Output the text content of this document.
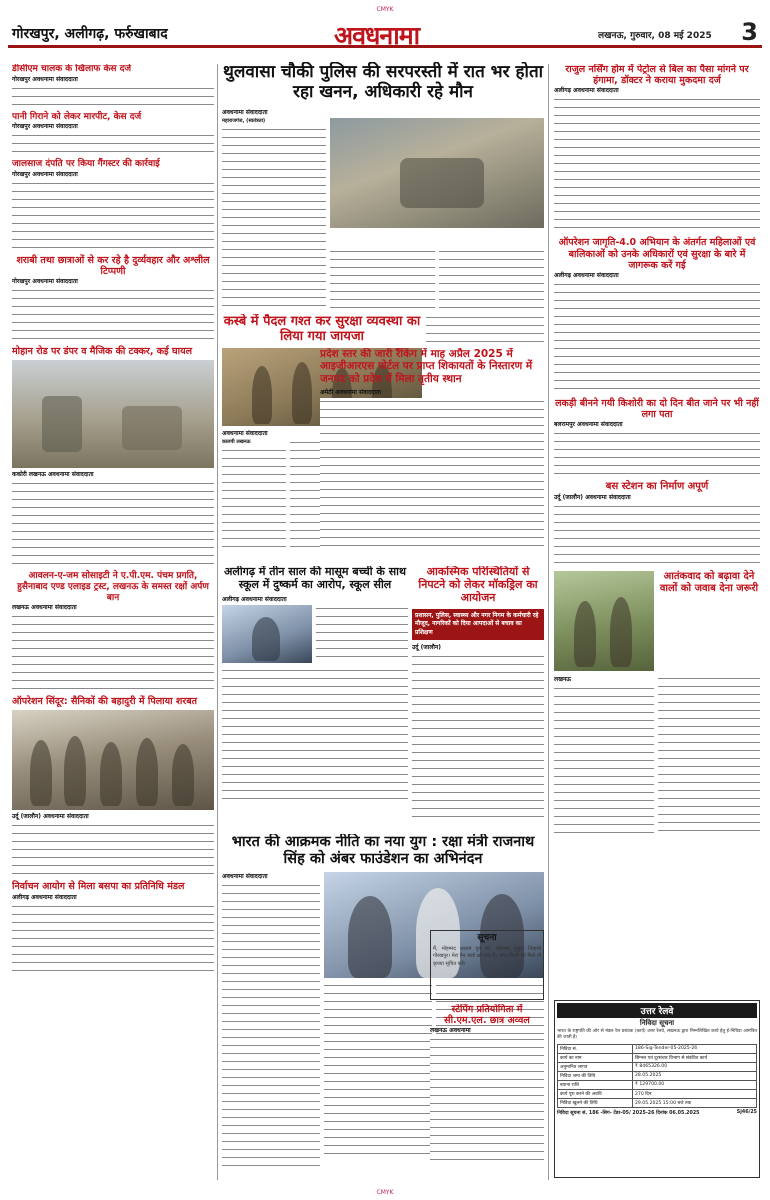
CMYK
गोरखपुर, अलीगढ़, फर्रुखाबाद	अवधनामा	लखनऊ, गुरुवार, 08 मई 2025 3
डीसीएम चालक के खिलाफ केस दर्ज
गोरखपुर अवधनामा संवाददाता
पानी गिराने को लेकर मारपीट, केस दर्ज
गोरखपुर अवधनामा संवाददाता
जालसाज दंपति पर किया गैंगस्टर की कार्रवाई
गोरखपुर अवधनामा संवाददाता
शराबी तथा छात्राओं से कर रहे है दुर्व्यवहार और अश्लील टिप्पणी
गोरखपुर अवधनामा संवाददाता
मोहान रोड पर डंपर व मैजिक की टक्कर, कई घायल
ककोरी लखनऊ अवधनामा संवाददाता
आवलन-ए-जम सोसाइटी ने ए.पी.एम. पंचम प्रगति, हुसैनाबाद एण्ड एलाइड ट्रस्ट, लखनऊ के समस्त रक्षों अर्पण बान
लखनऊ अवधनामा संवाददाता
ऑपरेशन सिंदूर: सैनिकों की बहादुरी में पिलाया शरबत
उर्दू (जालौन) अवधनामा संवाददाता
निर्वाचन आयोग से मिला बसपा का प्रतिनिधि मंडल
अलीगढ़ अवधनामा संवाददाता
थुलवासा चौकी पुलिस की सरपरस्ती में रात भर होता रहा खनन, अधिकारी रहे मौन
अवधनामा संवाददाता
महाराजगंज, (स्वतंत्रता)
कस्बे में पैदल गश्त कर सुरक्षा व्यवस्था का लिया गया जायजा
अवधनामा संवाददाता
कालपी लखनऊ
प्रदेश स्तर की जारी रैंकिंग में माह अप्रैल 2025 में आइजीआरएस पोर्टल पर प्राप्त शिकायतों के निस्तारण में जनपद को प्रदेश में मिला तृतीय स्थान
अमेठी अवधनामा संवाददाता
अलीगढ़ में तीन साल की मासूम बच्ची के साथ स्कूल में दुष्कर्म का आरोप, स्कूल सील
अलीगढ़ अवधनामा संवाददाता
आकस्मिक परिस्थितियों से निपटने को लेकर मॉकड्रिल का आयोजन
प्रशासन, पुलिस, स्वास्थ्य और नगर निगम के कर्मचारी रहे मौजूद, नागरिकों को दिया आपदाओं से बचाव का प्रशिक्षण
उर्दू (जालौन)
भारत की आक्रमक नीति का नया युग : रक्षा मंत्री राजनाथ सिंह को अंबर फाउंडेशन का अभिनंदन
अवधनामा संवाददाता
राजुल नर्सिंग होम में पेट्रोल से बिल का पैसा मांगने पर हंगामा, डॉक्टर ने कराया मुकदमा दर्ज
अलीगढ़ अवधनामा संवाददाता
ऑपरेशन जागृति-4.0 अभियान के अंतर्गत महिलाओं एवं बालिकाओं को उनके अधिकारों एवं सुरक्षा के बारे में जागरूक करें गई
अलीगढ़ अवधनामा संवाददाता
लकड़ी बीनने गयी किशोरी का दो दिन बीत जाने पर भी नहीं लगा पता
बलरामपुर अवधनामा संवाददाता
बस स्टेशन का निर्माण अपूर्ण
उर्दू (जालौन) अवधनामा संवाददाता
आतंकवाद को बढ़ावा देने वालों को जवाब देना जरूरी
लखनऊ
सूचना
मैं, मोहम्मद आलम पुत्र स्व. मोहम्मद यूसुफ निवासी गोरखपुर। मेरा पैन कार्ड खो गया है। अगर किसी को मिले तो कृपया सूचित करें।
स्टेपिंग प्रतियोगिता में सी.एम.एल. छात्र अव्वल
लखनऊ अवधनामा
उत्तर रेलवे
निविदा सूचना
भारत के राष्ट्रपति की ओर से मंडल रेल प्रबंधक (कार्य) उत्तर रेलवे, लखनऊ द्वारा निम्नलिखित कार्य हेतु ई-निविदा आमंत्रित की जाती है।
निविदा सं.	186-Sig-Tender-05-2025-26
कार्य का नाम	सिग्नल एवं दूरसंचार विभाग से संबंधित कार्य
अनुमानित लागत	₹ 8465326.00
निविदा जमा की तिथि	28.05.2025
बयाना राशि	₹ 129700.00
कार्य पूरा करने की अवधि	270 दिन
निविदा खुलने की तिथि	29.05.2025 15:00 बजे तक
निविदा सूचना सं. 186 -सिग- टेंडर-05/ 2025-26 दिनांक 06.05.2025	Sj46/25
CMYK
